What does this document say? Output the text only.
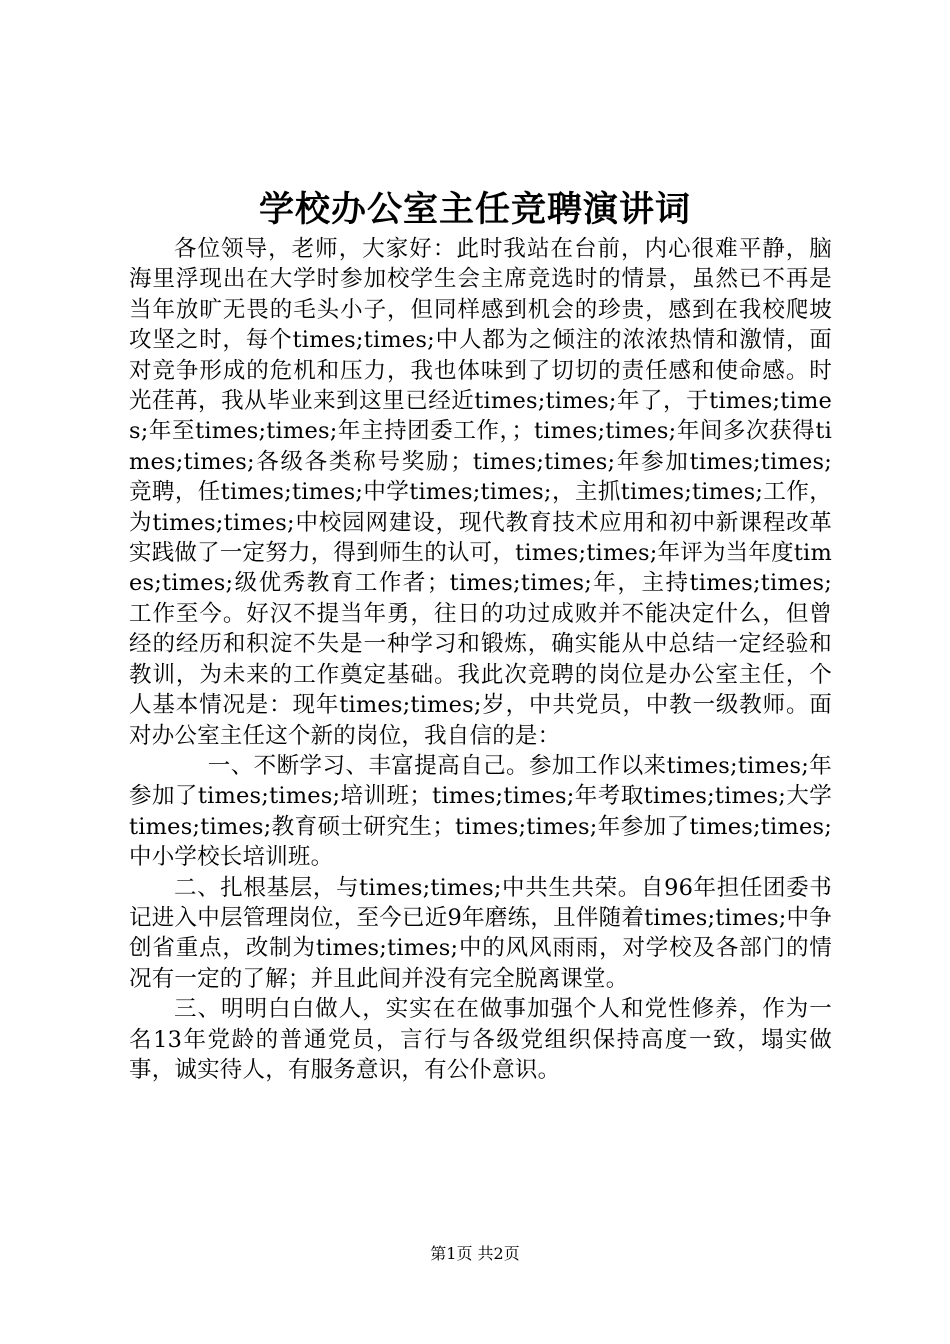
学校办公室主任竞聘演讲词

各位领导，老师，大家好：此时我站在台前，内心很难平静，脑海里浮现出在大学时参加校学生会主席竞选时的情景，虽然已不再是当年放旷无畏的毛头小子，但同样感到机会的珍贵，感到在我校爬坡攻坚之时，每个times;times;中人都为之倾注的浓浓热情和激情，面对竞争形成的危机和压力，我也体味到了切切的责任感和使命感。时光荏苒，我从毕业来到这里已经近times;times;年了，于times;times;年至times;times;年主持团委工作，；times;times;年间多次获得times;times;各级各类称号奖励；times;times;年参加times;times;竞聘，任times;times;中学times;times;，主抓times;times;工作，为times;times;中校园网建设，现代教育技术应用和初中新课程改革实践做了一定努力，得到师生的认可，times;times;年评为当年度times;times;级优秀教育工作者；times;times;年，主持times;times;工作至今。好汉不提当年勇，往日的功过成败并不能决定什么，但曾经的经历和积淀不失是一种学习和锻炼，确实能从中总结一定经验和教训，为未来的工作奠定基础。我此次竞聘的岗位是办公室主任，个人基本情况是：现年times;times;岁，中共党员，中教一级教师。面对办公室主任这个新的岗位，我自信的是：

一、不断学习、丰富提高自己。参加工作以来times;times;年参加了times;times;培训班；times;times;年考取times;times;大学times;times;教育硕士研究生；times;times;年参加了times;times;中小学校长培训班。

二、扎根基层，与times;times;中共生共荣。自96年担任团委书记进入中层管理岗位，至今已近9年磨练，且伴随着times;times;中争创省重点，改制为times;times;中的风风雨雨，对学校及各部门的情况有一定的了解；并且此间并没有完全脱离课堂。

三、明明白白做人，实实在在做事加强个人和党性修养，作为一名13年党龄的普通党员，言行与各级党组织保持高度一致，塌实做事，诚实待人，有服务意识，有公仆意识。

第1页 共2页
